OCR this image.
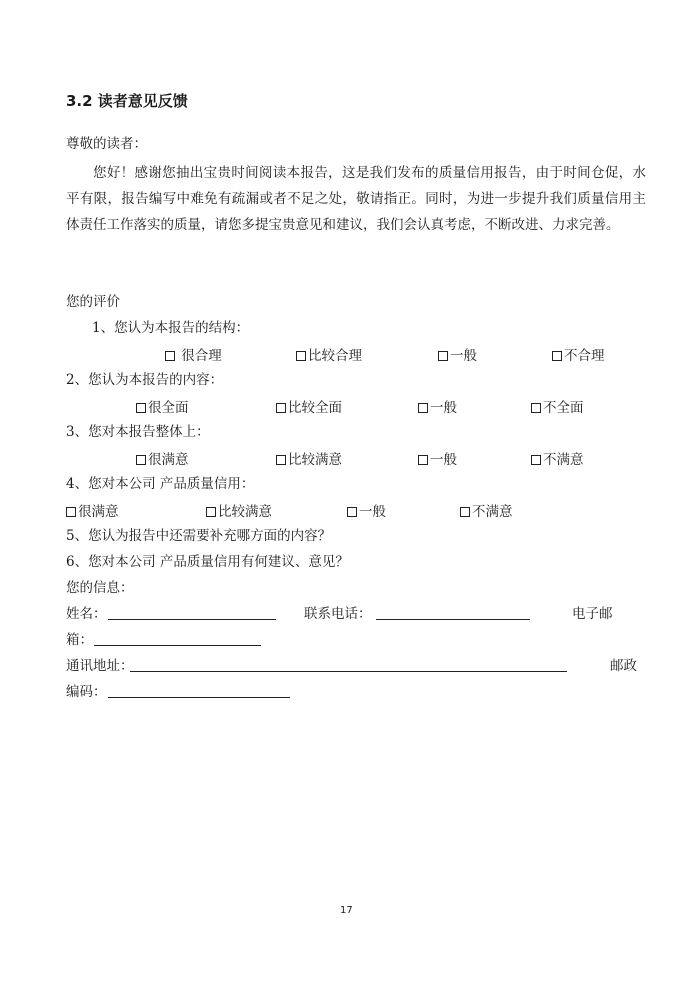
3.2 读者意见反馈
尊敬的读者：
您好！感谢您抽出宝贵时间阅读本报告，这是我们发布的质量信用报告，由于时间仓促，水平有限，报告编写中难免有疏漏或者不足之处，敬请指正。同时，为进一步提升我们质量信用主体责任工作落实的质量，请您多提宝贵意见和建议，我们会认真考虑，不断改进、力求完善。
您的评价
1、您认为本报告的结构：
很合理	比较合理	一般	不合理
2、您认为本报告的内容：
很全面	比较全面	一般	不全面
3、您对本报告整体上：
很满意	比较满意	一般	不满意
4、您对本公司 产品质量信用：
很满意	比较满意	一般	不满意
5、您认为报告中还需要补充哪方面的内容？
6、您对本公司 产品质量信用有何建议、意见？
您的信息：
姓名：	联系电话：	电子邮
箱：
通讯地址：	邮政
编码：
17
